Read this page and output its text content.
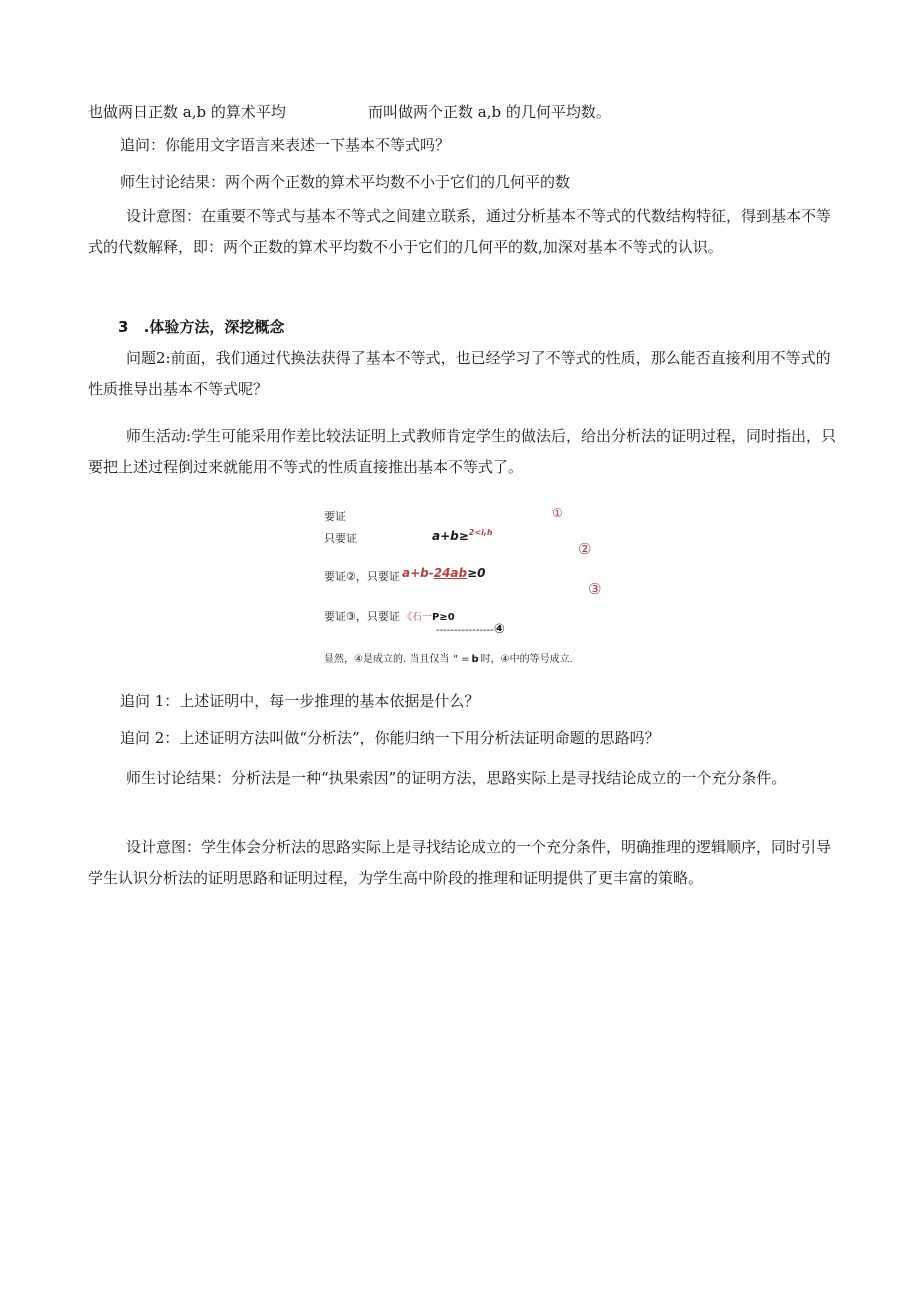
也做两日正数 a,b 的算术平均	而叫做两个正数 a,b 的几何平均数。

追问：你能用文字语言来表述一下基本不等式吗？

师生讨论结果：两个两个正数的算术平均数不小于它们的几何平的数

设计意图：在重要不等式与基本不等式之间建立联系，通过分析基本不等式的代数结构特征，得到基本不等式的代数解释，即：两个正数的算术平均数不小于它们的几何平的数,加深对基本不等式的认识。

3 .体验方法，深挖概念

问题2:前面，我们通过代换法获得了基本不等式，也已经学习了不等式的性质，那么能否直接利用不等式的性质推导出基本不等式呢？

师生活动:学生可能采用作差比较法证明上式教师肯定学生的做法后，给出分析法的证明过程，同时指出，只要把上述过程倒过来就能用不等式的性质直接推出基本不等式了。

要证	①
只要证	a+b≥$^{2<i,h}$
②
要证②，只要证 a+b-24ab≥0
③
要证③，只要证 《石一P≥0
----------------④
显然，④是成立的. 当且仅当 " = b 时，④中的等号成立.

追问 1：上述证明中，每一步推理的基本依据是什么？

追问 2：上述证明方法叫做“分析法”，你能归纳一下用分析法证明命题的思路吗？

师生讨论结果：分析法是一种“执果索因”的证明方法，思路实际上是寻找结论成立的一个充分条件。

设计意图：学生体会分析法的思路实际上是寻找结论成立的一个充分条件，明确推理的逻辑顺序，同时引导学生认识分析法的证明思路和证明过程，为学生高中阶段的推理和证明提供了更丰富的策略。
